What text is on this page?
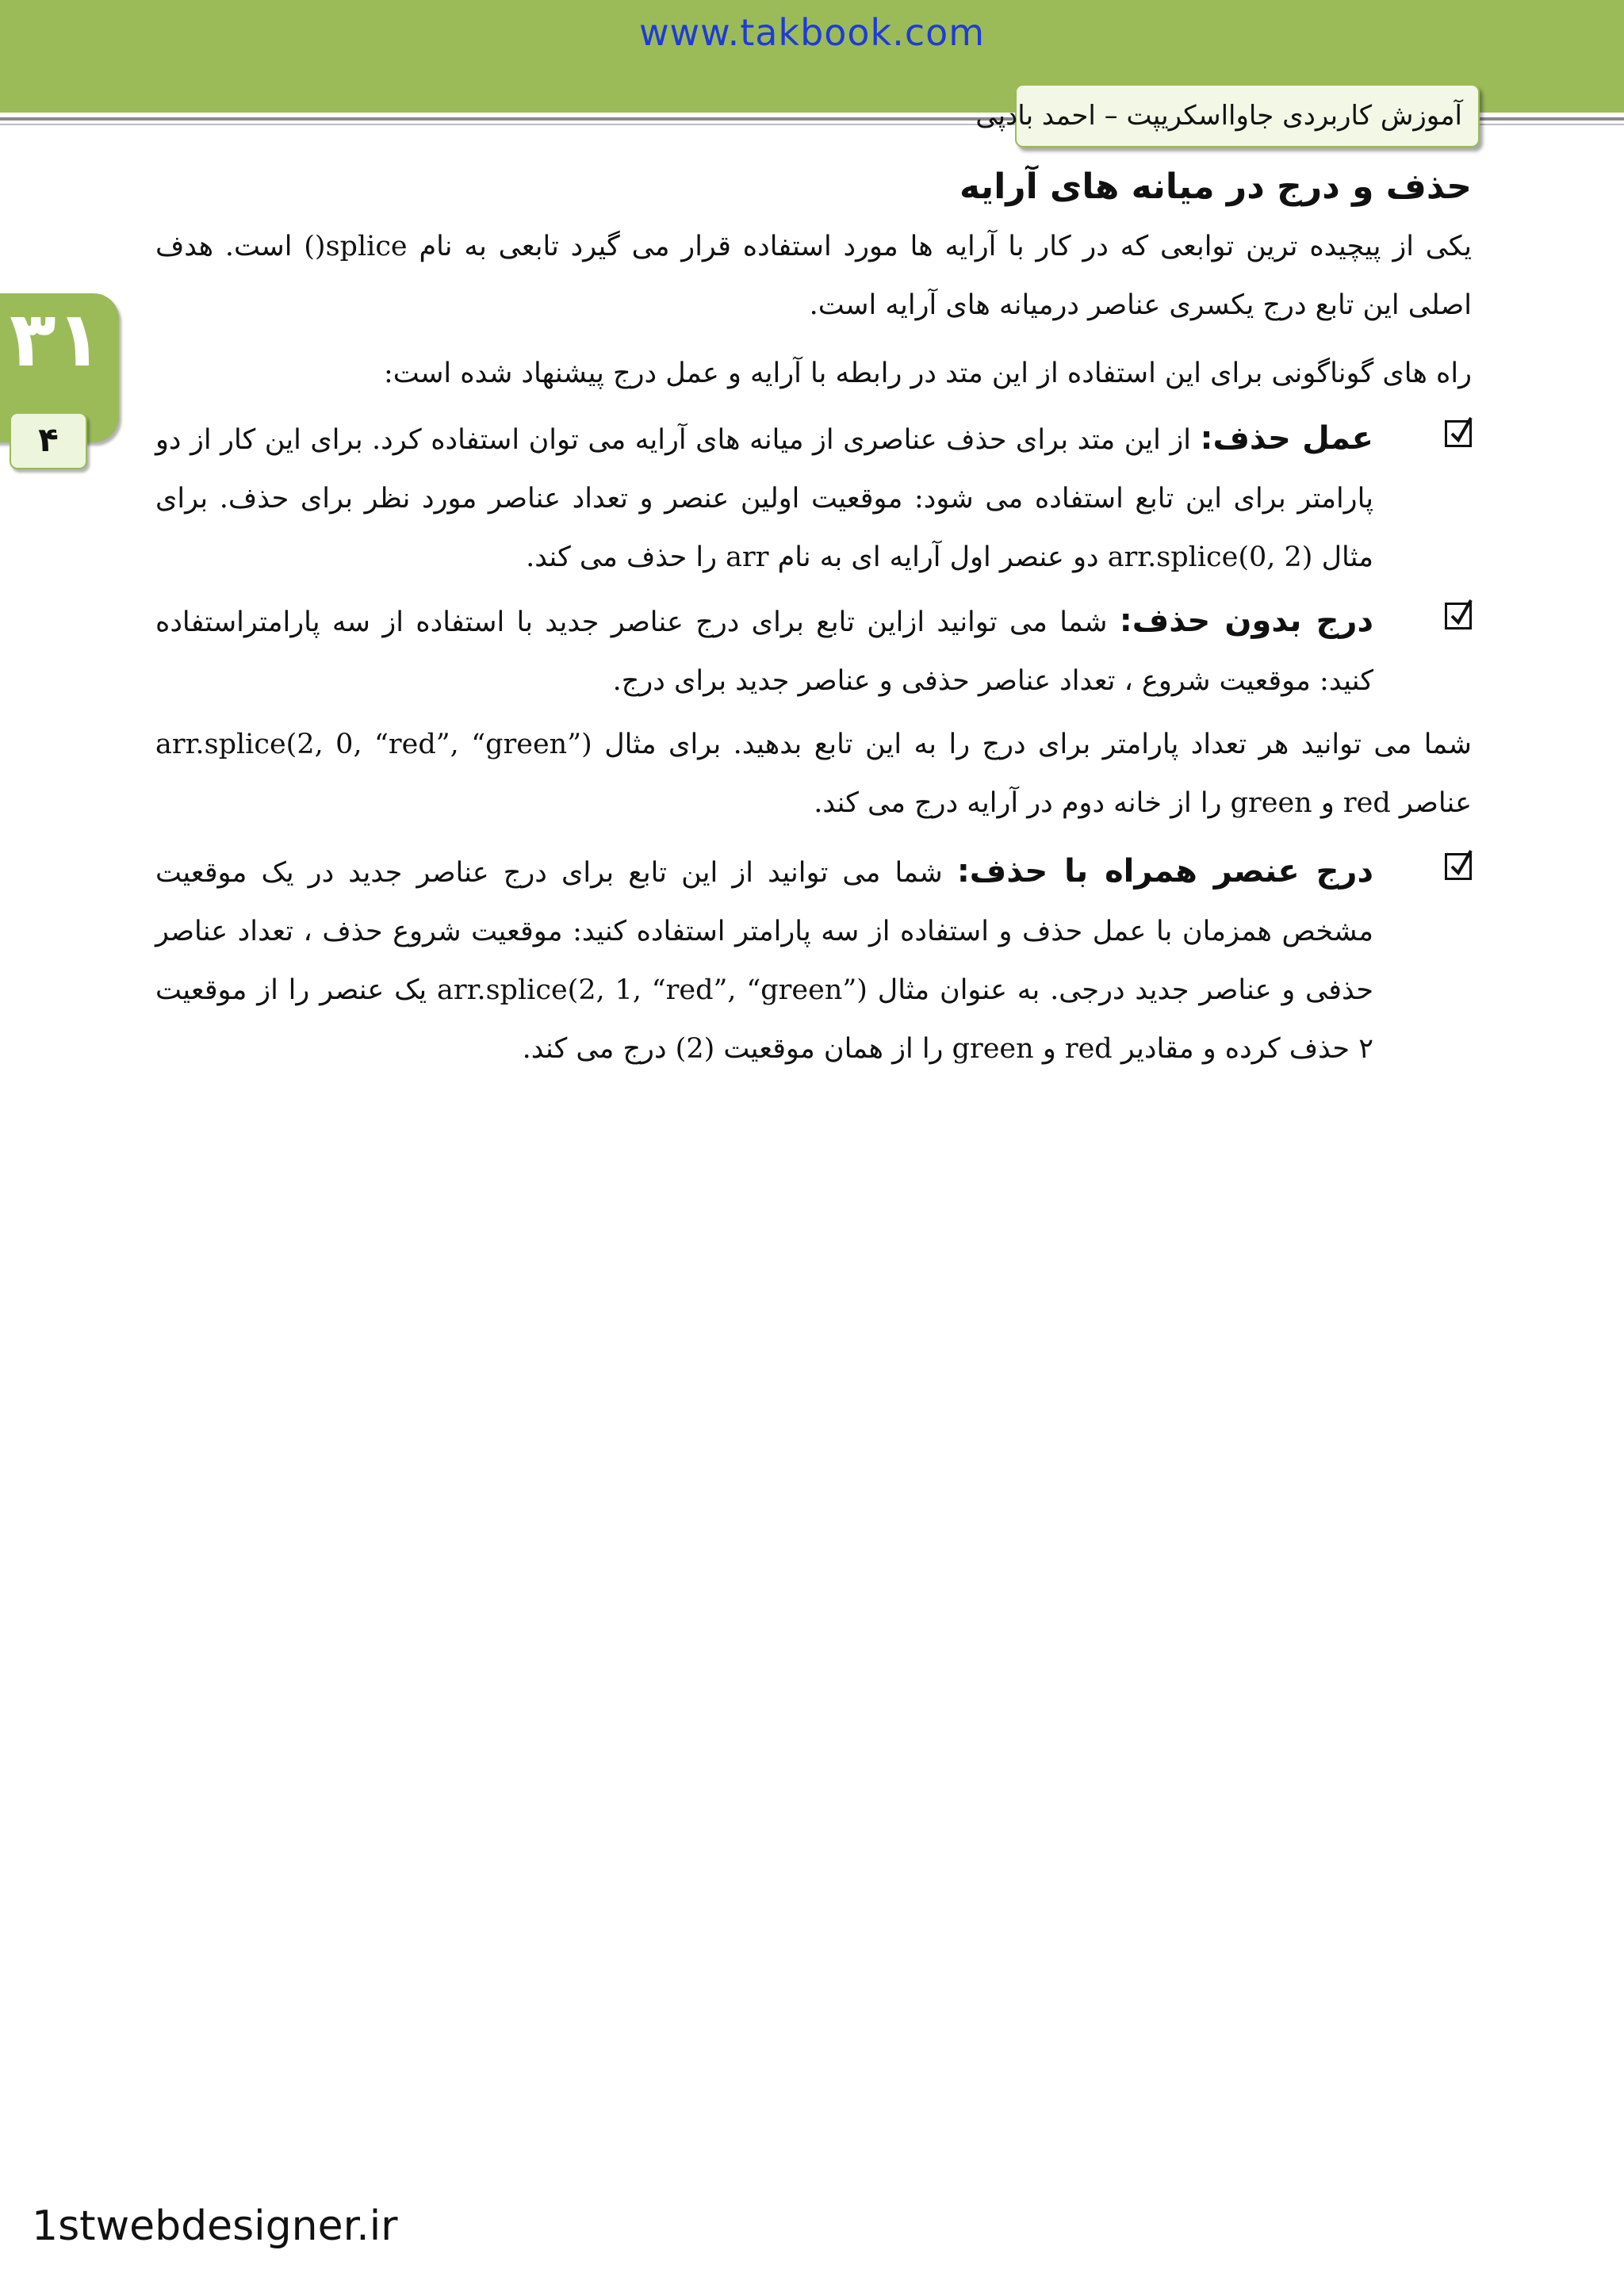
www.takbook.com
آموزش کاربردی جاوااسکریپت – احمد بادپی
۳۱
۴
حذف و درج در میانه های آرایه

یکی از پیچیده ترین توابعی که در کار با آرایه ها مورد استفاده قرار می گیرد تابعی به نام splice() است. هدف اصلی این تابع درج یکسری عناصر درمیانه های آرایه است.

راه های گوناگونی برای این استفاده از این متد در رابطه با آرایه و عمل درج پیشنهاد شده است:

عمل حذف: از این متد برای حذف عناصری از میانه های آرایه می توان استفاده کرد. برای این کار از دو پارامتر برای این تابع استفاده می شود: موقعیت اولین عنصر و تعداد عناصر مورد نظر برای حذف. برای مثال arr.splice(0, 2) دو عنصر اول آرایه ای به نام arr را حذف می کند.
درج بدون حذف: شما می توانید ازاین تابع برای درج عناصر جدید با استفاده از سه پارامتراستفاده کنید: موقعیت شروع ، تعداد عناصر حذفی و عناصر جدید برای درج.

شما می توانید هر تعداد پارامتر برای درج را به این تابع بدهید. برای مثال arr.splice(2, 0, “red”, “green”) عناصر red و green را از خانه دوم در آرایه درج می کند.

درج عنصر همراه با حذف: شما می توانید از این تابع برای درج عناصر جدید در یک موقعیت مشخص همزمان با عمل حذف و استفاده از سه پارامتر استفاده کنید: موقعیت شروع حذف ، تعداد عناصر حذفی و عناصر جدید درجی. به عنوان مثال arr.splice(2, 1, “red”, “green”) یک عنصر را از موقعیت ۲ حذف کرده و مقادیر red و green را از همان موقعیت (2) درج می کند.
1stwebdesigner.ir
